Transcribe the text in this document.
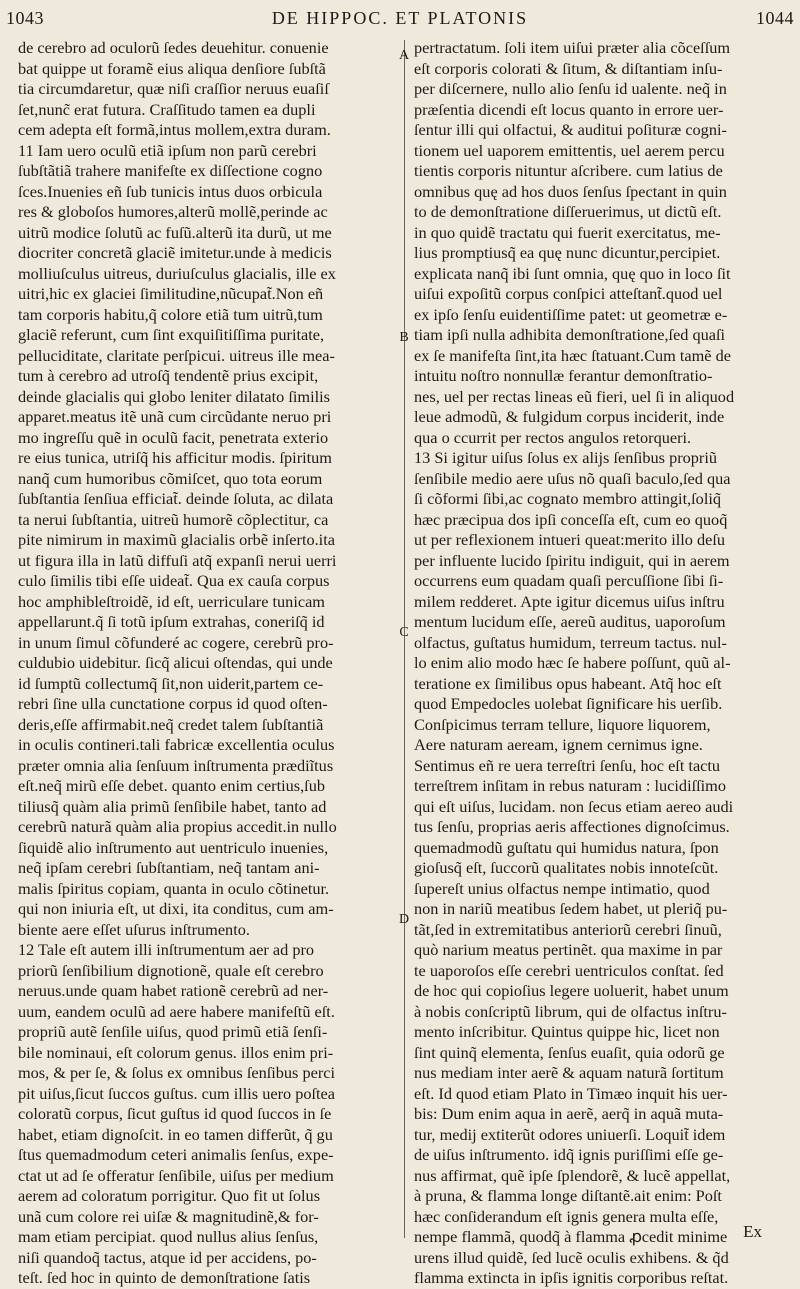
1043	DE HIPPOC. ET PLATONIS	1044
A
B
C
D
de cerebro ad oculorũ ſedes deuehitur. conuenie
bat quippe ut foramẽ eius aliqua denſiore ſubſtã
tia circumdaretur, quæ niſi craſſior neruus euaſiſ
ſet,nunc̃ erat futura. Craſſitudo tamen ea dupli
cem adepta eſt formã,intus mollem,extra duram.
11 Iam uero oculũ etiã ipſum non parũ cerebri
ſubſtãtiã trahere manifeſte ex diſſectione cogno
ſces.Inuenies eñ ſub tunicis intus duos orbicula
res & globoſos humores,alterũ mollẽ,perinde ac
uitrũ modice ſolutũ ac fuſũ.alterũ ita durũ, ut me
diocriter concretã glaciẽ imitetur.unde à medicis
molliuſculus uitreus, duriuſculus glacialis, ille ex
uitri,hic ex glaciei ſimilitudine,nũcupat̃.Non eñ
tam corporis habitu,q̃ colore etiã tum uitrũ,tum
glaciẽ referunt, cum ſint exquiſitiſſima puritate,
pelluciditate, claritate perſpicui. uitreus ille mea-
tum à cerebro ad utroſq̃ tendentẽ prius excipit,
deinde glacialis qui globo leniter dilatato ſimilis
apparet.meatus itẽ unã cum circũdante neruo pri
mo ingreſſu quẽ in oculũ facit, penetrata exterio
re eius tunica, utriſq̃ his afficitur modis. ſpiritum
nanq̃ cum humoribus cõmiſcet, quo tota eorum
ſubſtantia ſenſiua efficiat̃. deinde ſoluta, ac dilata
ta nerui ſubſtantia, uitreũ humorẽ cõplectitur, ca
pite nimirum in maximũ glacialis orbẽ inſerto.ita
ut figura illa in latũ diffuſi atq̃ expanſi nerui uerri
culo ſimilis tibi eſſe uideat̃. Qua ex cauſa corpus
hoc amphibleſtroidẽ, id eſt, uerriculare tunicam
appellarunt.q̃ ſi totũ ipſum extrahas, coneriſq̃ id
in unum ſimul cõfunderé ac cogere, cerebrũ pro-
culdubio uidebitur. ſicq̃ alicui oſtendas, qui unde
id ſumptũ collectumq̃ ſit,non uiderit,partem ce-
rebri ſine ulla cunctatione corpus id quod oſten-
deris,eſſe affirmabit.neq̃ credet talem ſubſtantiã
in oculis contineri.tali fabricæ excellentia oculus
præter omnia alia ſenſuum inſtrumenta prædiĩtus
eſt.neq̃ mirũ eſſe debet. quanto enim certius,ſub
tiliusq̃ quàm alia primũ ſenſibile habet, tanto ad
cerebrũ naturã quàm alia propius accedit.in nullo
ſiquidẽ alio inſtrumento aut uentriculo inuenies,
neq̃ ipſam cerebri ſubſtantiam, neq̃ tantam ani-
malis ſpiritus copiam, quanta in oculo cõtinetur.
qui non iniuria eſt, ut dixi, ita conditus, cum am-
biente aere eſſet uſurus inſtrumento.
12 Tale eſt autem illi inſtrumentum aer ad pro
priorũ ſenſibilium dignotionẽ, quale eſt cerebro
neruus.unde quam habet rationẽ cerebrũ ad ner-
uum, eandem oculũ ad aere habere manifeſtũ eſt.
propriũ autẽ ſenſile uiſus, quod primũ etiã ſenſi-
bile nominaui, eſt colorum genus. illos enim pri-
mos, & per ſe, & ſolus ex omnibus ſenſibus perci
pit uiſus,ſicut ſuccos guſtus. cum illis uero poſtea
coloratũ corpus, ſicut guſtus id quod ſuccos in ſe
habet, etiam dignoſcit. in eo tamen differũt, q̃ gu
ſtus quemadmodum ceteri animalis ſenſus, expe-
ctat ut ad ſe offeratur ſenſibile, uiſus per medium
aerem ad coloratum porrigitur. Quo fit ut ſolus
unã cum colore rei uiſæ & magnitudinẽ,& for-
mam etiam percipiat. quod nullus alius ſenſus,
niſi quandoq̃ tactus, atque id per accidens, po-
teſt. ſed hoc in quinto de demonſtratione ſatis
pertractatum. ſoli item uiſui præter alia cõceſſum
eſt corporis colorati & ſitum, & diſtantiam inſu-
per diſcernere, nullo alio ſenſu id ualente. neq̃ in
præſentia dicendi eſt locus quanto in errore uer-
ſentur illi qui olfactui, & auditui poſituræ cogni-
tionem uel uaporem emittentis, uel aerem percu
tientis corporis nituntur aſcribere. cum latius de
omnibus quę ad hos duos ſenſus ſpectant in quin
to de demonſtratione diſſeruerimus, ut dictũ eſt.
in quo quidẽ tractatu qui fuerit exercitatus, me-
lius promptiusq̃ ea quę nunc dicuntur,percipiet.
explicata nanq̃ ibi ſunt omnia, quę quo in loco ſit
uiſui expoſitũ corpus conſpici atteſtant̃.quod uel
ex ipſo ſenſu euidentiſſime patet: ut geometræ e-
tiam ipſi nulla adhibita demonſtratione,ſed quaſi
ex ſe manifeſta ſint,ita hæc ſtatuant.Cum tamẽ de
intuitu noſtro nonnullæ ferantur demonſtratio-
nes, uel per rectas lineas eũ fieri, uel ſi in aliquod
leue admodũ, & fulgidum corpus inciderit, inde
qua o ccurrit per rectos angulos retorqueri.
13 Si igitur uiſus ſolus ex alijs ſenſibus propriũ
ſenſibile medio aere uſus nõ quaſi baculo,ſed qua
ſi cõformi ſibi,ac cognato membro attingit,ſoliq̃
hæc præcipua dos ipſi conceſſa eſt, cum eo quoq̃
ut per reflexionem intueri queat:merito illo deſu
per influente lucido ſpiritu indiguit, qui in aerem
occurrens eum quadam quaſi percuſſione ſibi ſi-
milem redderet. Apte igitur dicemus uiſus inſtru
mentum lucidum eſſe, aereũ auditus, uaporoſum
olfactus, guſtatus humidum, terreum tactus. nul-
lo enim alio modo hæc ſe habere poſſunt, quũ al-
teratione ex ſimilibus opus habeant. Atq̃ hoc eſt
quod Empedocles uolebat ſignificare his uerſib.
Conſpicimus terram tellure, liquore liquorem,
Aere naturam aeream, ignem cernimus igne.
Sentimus eñ re uera terreſtri ſenſu, hoc eſt tactu
terreſtrem inſitam in rebus naturam : lucidiſſimo
qui eſt uiſus, lucidam. non ſecus etiam aereo audi
tus ſenſu, proprias aeris affectiones dignoſcimus.
quemadmodũ guſtatu qui humidus natura, ſpon
gioſusq̃ eſt, ſuccorũ qualitates nobis innoteſcũt.
ſupereſt unius olfactus nempe intimatio, quod
non in nariũ meatibus ſedem habet, ut pleriq̃ pu-
tãt,ſed in extremitatibus anteriorũ cerebri ſinuũ,
quò narium meatus pertinẽt. qua maxime in par
te uaporoſos eſſe cerebri uentriculos conſtat. ſed
de hoc qui copioſius legere uoluerit, habet unum
à nobis conſcriptũ librum, qui de olfactus inſtru-
mento inſcribitur. Quintus quippe hic, licet non
ſint quinq̃ elementa, ſenſus euaſit, quia odorũ ge
nus mediam inter aerẽ & aquam naturã ſortitum
eſt. Id quod etiam Plato in Timæo inquit his uer-
bis: Dum enim aqua in aerẽ, aerq̃ in aquã muta-
tur, medij extiterũt odores uniuerſi. Loquit̃ idem
de uiſus inſtrumento. idq̃ ignis puriſſimi eſſe ge-
nus affirmat, quẽ ipſe ſplendorẽ, & lucẽ appellat,
à pruna, & flamma longe diſtantẽ.ait enim: Poſt
hæc conſiderandum eſt ignis genera multa eſſe,
nempe flammã, quodq̃ à flamma ꝓcedit minime
urens illud quidẽ, ſed lucẽ oculis exhibens. & q̃d
flamma extincta in ipſis ignitis corporibus reſtat.
Ex
